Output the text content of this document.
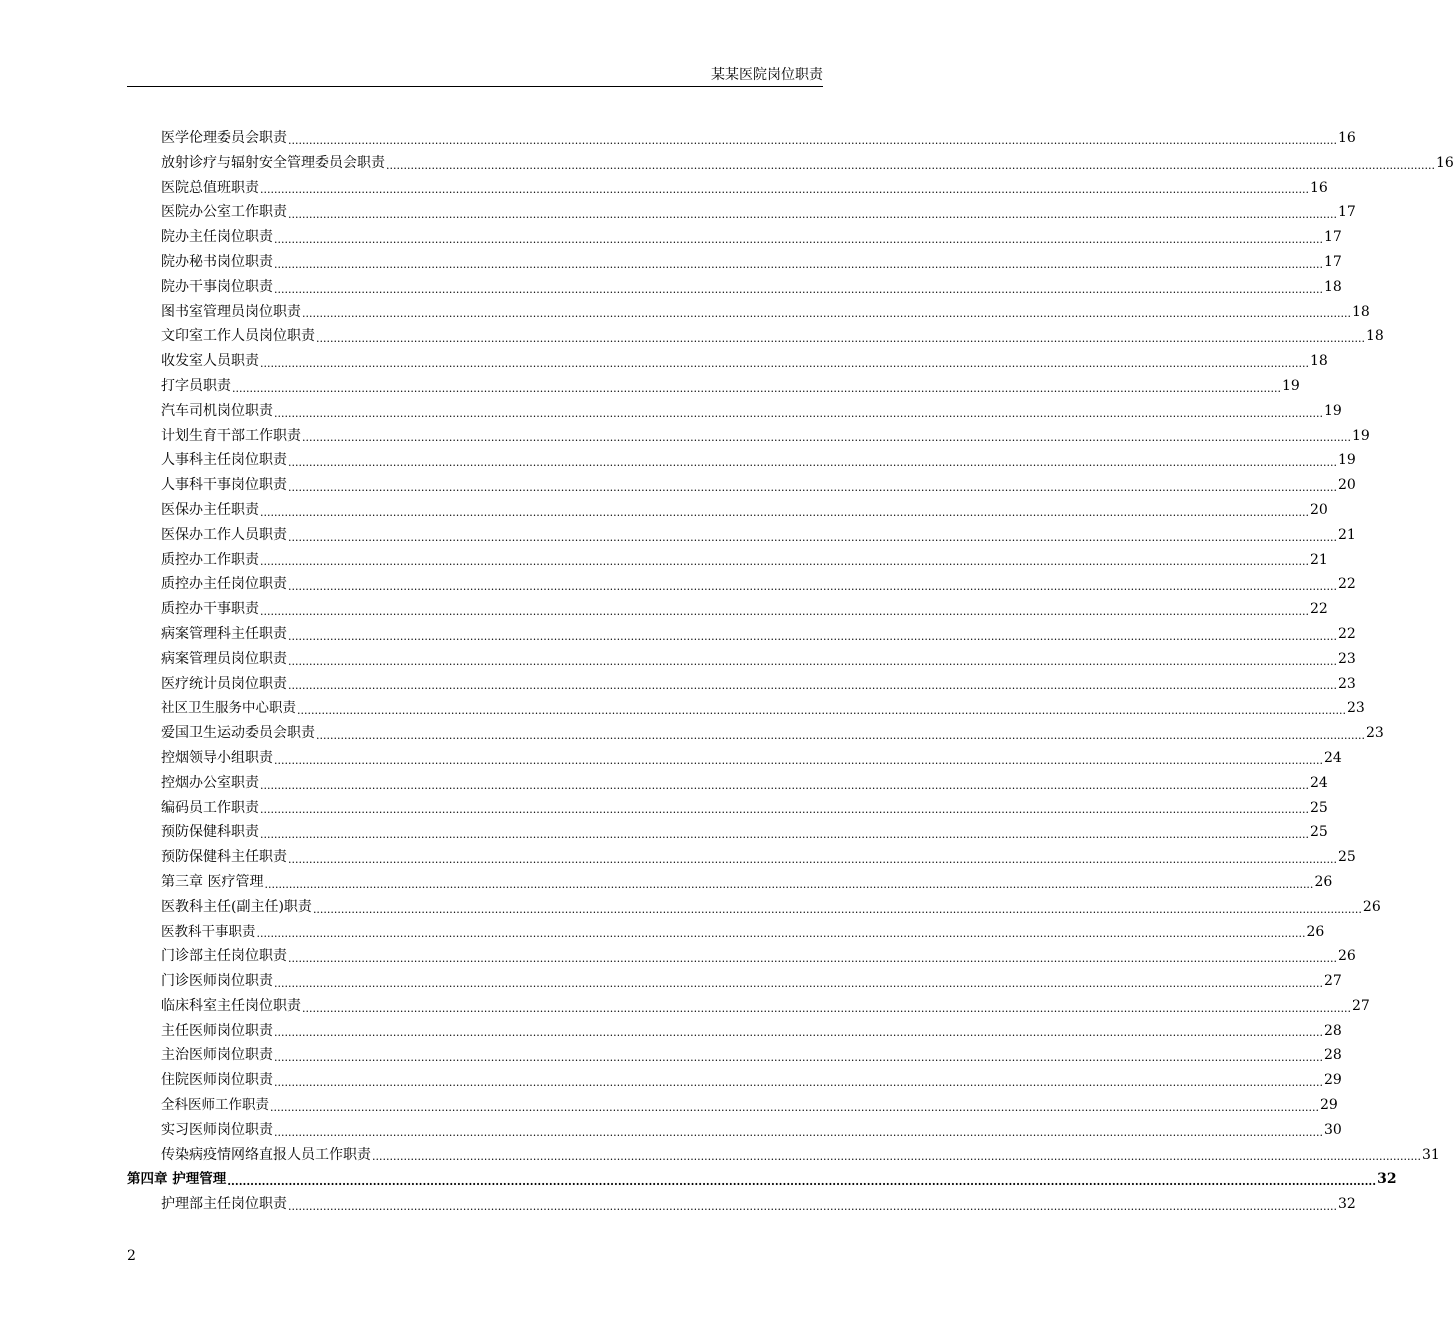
某某医院岗位职责
医学伦理委员会职责 ............................................................................................................................................................................................................................................................................................................ 16
放射诊疗与辐射安全管理委员会职责 ............................................................................................................................................................................................................................................................................................................ 16
医院总值班职责 ............................................................................................................................................................................................................................................................................................................ 16
医院办公室工作职责 ............................................................................................................................................................................................................................................................................................................ 17
院办主任岗位职责 ............................................................................................................................................................................................................................................................................................................ 17
院办秘书岗位职责 ............................................................................................................................................................................................................................................................................................................ 17
院办干事岗位职责 ............................................................................................................................................................................................................................................................................................................ 18
图书室管理员岗位职责 ............................................................................................................................................................................................................................................................................................................ 18
文印室工作人员岗位职责 ............................................................................................................................................................................................................................................................................................................ 18
收发室人员职责 ............................................................................................................................................................................................................................................................................................................ 18
打字员职责 ............................................................................................................................................................................................................................................................................................................ 19
汽车司机岗位职责 ............................................................................................................................................................................................................................................................................................................ 19
计划生育干部工作职责 ............................................................................................................................................................................................................................................................................................................ 19
人事科主任岗位职责 ............................................................................................................................................................................................................................................................................................................ 19
人事科干事岗位职责 ............................................................................................................................................................................................................................................................................................................ 20
医保办主任职责 ............................................................................................................................................................................................................................................................................................................ 20
医保办工作人员职责 ............................................................................................................................................................................................................................................................................................................ 21
质控办工作职责 ............................................................................................................................................................................................................................................................................................................ 21
质控办主任岗位职责 ............................................................................................................................................................................................................................................................................................................ 22
质控办干事职责 ............................................................................................................................................................................................................................................................................................................ 22
病案管理科主任职责 ............................................................................................................................................................................................................................................................................................................ 22
病案管理员岗位职责 ............................................................................................................................................................................................................................................................................................................ 23
医疗统计员岗位职责 ............................................................................................................................................................................................................................................................................................................ 23
社区卫生服务中心职责 ............................................................................................................................................................................................................................................................................................................ 23
爱国卫生运动委员会职责 ............................................................................................................................................................................................................................................................................................................ 23
控烟领导小组职责 ............................................................................................................................................................................................................................................................................................................ 24
控烟办公室职责 ............................................................................................................................................................................................................................................................................................................ 24
编码员工作职责 ............................................................................................................................................................................................................................................................................................................ 25
预防保健科职责 ............................................................................................................................................................................................................................................................................................................ 25
预防保健科主任职责 ............................................................................................................................................................................................................................................................................................................ 25
第三章 医疗管理 ............................................................................................................................................................................................................................................................................................................ 26
医教科主任(副主任)职责 ............................................................................................................................................................................................................................................................................................................ 26
医教科干事职责 ............................................................................................................................................................................................................................................................................................................ 26
门诊部主任岗位职责 ............................................................................................................................................................................................................................................................................................................ 26
门诊医师岗位职责 ............................................................................................................................................................................................................................................................................................................ 27
临床科室主任岗位职责 ............................................................................................................................................................................................................................................................................................................ 27
主任医师岗位职责 ............................................................................................................................................................................................................................................................................................................ 28
主治医师岗位职责 ............................................................................................................................................................................................................................................................................................................ 28
住院医师岗位职责 ............................................................................................................................................................................................................................................................................................................ 29
全科医师工作职责 ............................................................................................................................................................................................................................................................................................................ 29
实习医师岗位职责 ............................................................................................................................................................................................................................................................................................................ 30
传染病疫情网络直报人员工作职责 ............................................................................................................................................................................................................................................................................................................ 31
第四章 护理管理 ............................................................................................................................................................................................................................................................................................................ 32
护理部主任岗位职责 ............................................................................................................................................................................................................................................................................................................ 32
2
